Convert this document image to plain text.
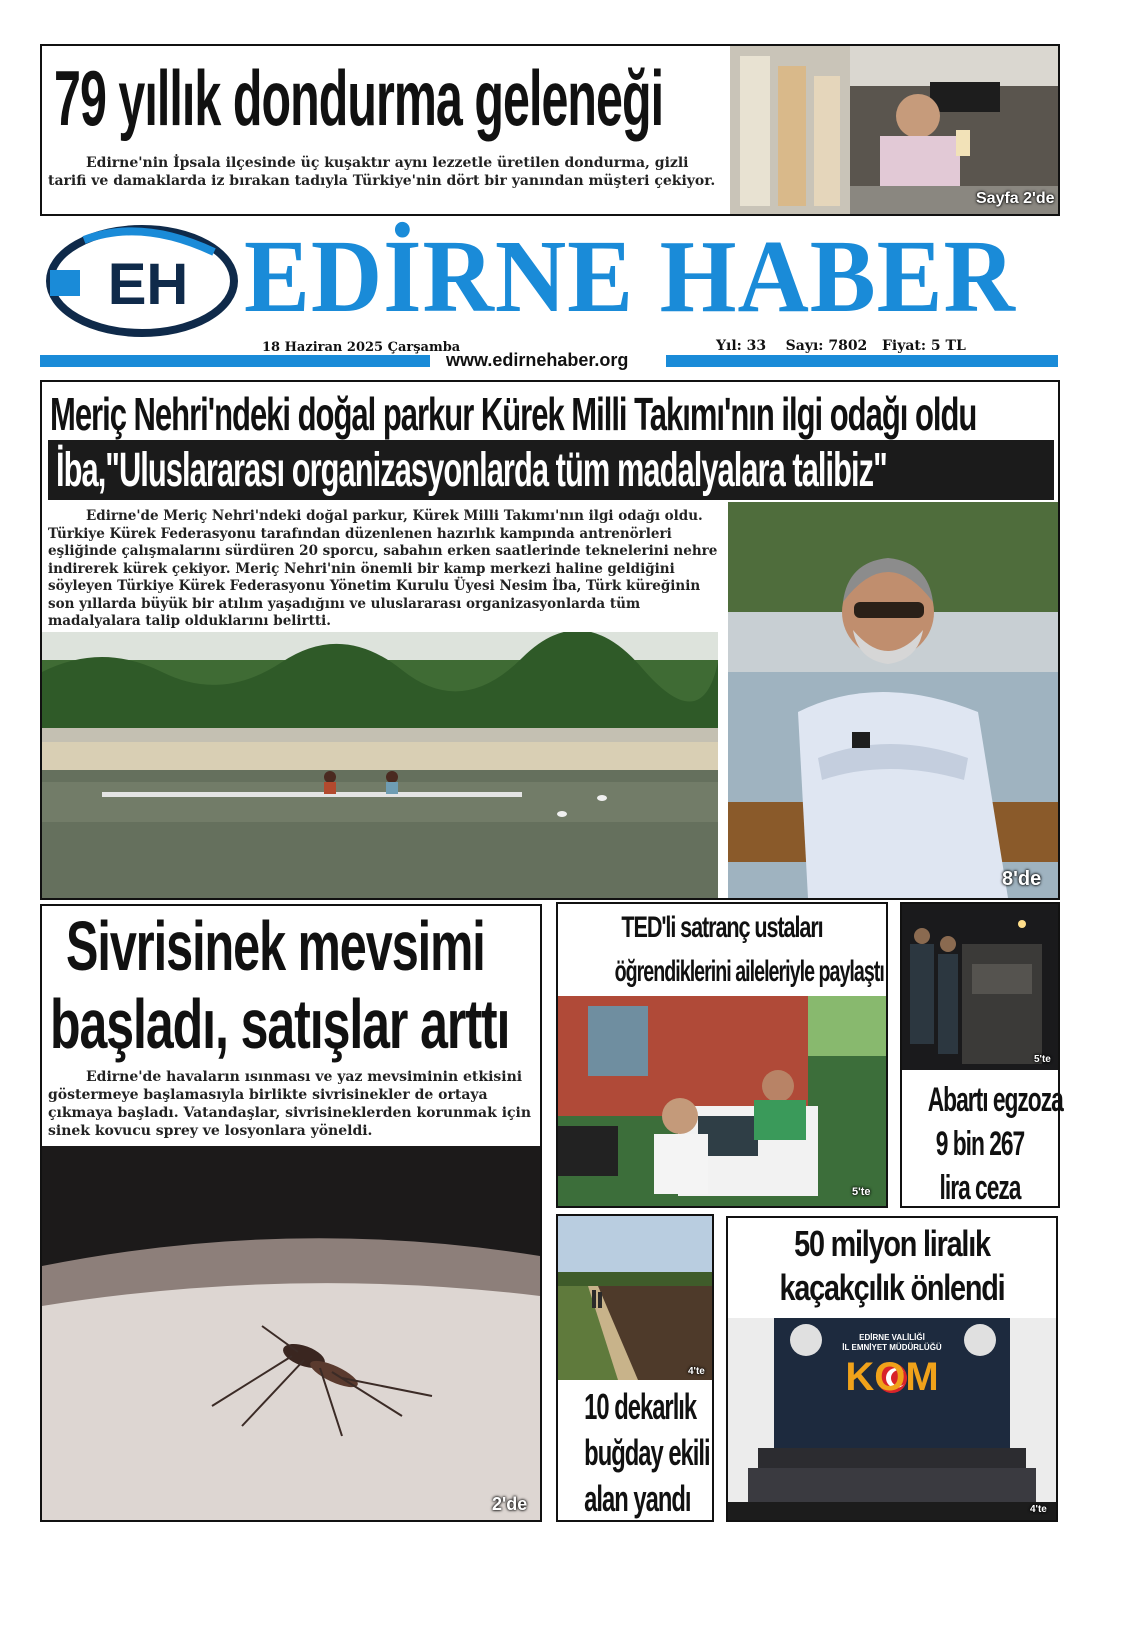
79 yıllık dondurma geleneği
Edirne'nin İpsala ilçesinde üç kuşaktır aynı lezzetle üretilen dondurma, gizli tarifi ve damaklarda iz bırakan tadıyla Türkiye'nin dört bir yanından müşteri çekiyor.
Sayfa 2'de
EH EDİRNE HABER
18 Haziran 2025 Çarşamba
www.edirnehaber.org
Yıl: 33 Sayı: 7802 Fiyat: 5 TL
Meriç Nehri'ndeki doğal parkur Kürek Milli Takımı'nın ilgi odağı oldu
İba,"Uluslararası organizasyonlarda tüm madalyalara talibiz"
Edirne'de Meriç Nehri'ndeki doğal parkur, Kürek Milli Takımı'nın ilgi odağı oldu. Türkiye Kürek Federasyonu tarafından düzenlenen hazırlık kampında antrenörleri eşliğinde çalışmalarını sürdüren 20 sporcu, sabahın erken saatlerinde teknelerini nehre indirerek kürek çekiyor. Meriç Nehri'nin önemli bir kamp merkezi haline geldiğini söyleyen Türkiye Kürek Federasyonu Yönetim Kurulu Üyesi Nesim İba, Türk küreğinin son yıllarda büyük bir atılım yaşadığını ve uluslararası organizasyonlarda tüm madalyalara talip olduklarını belirtti.
8'de
Sivrisinek mevsimi
başladı, satışlar arttı
Edirne'de havaların ısınması ve yaz mevsiminin etkisini göstermeye başlamasıyla birlikte sivrisinekler de ortaya çıkmaya başladı. Vatandaşlar, sivrisineklerden korunmak için sinek kovucu sprey ve losyonlara yöneldi.
2'de
TED'li satranç ustaları
öğrendiklerini aileleriyle paylaştı
5'te
5'te
Abartı egzoza
9 bin 267
lira ceza
4'te
10 dekarlık
buğday ekili
alan yandı
50 milyon liralık
kaçakçılık önlendi
EDİRNE VALİLİĞİ
İL EMNİYET MÜDÜRLÜĞÜ
KOM
4'te
